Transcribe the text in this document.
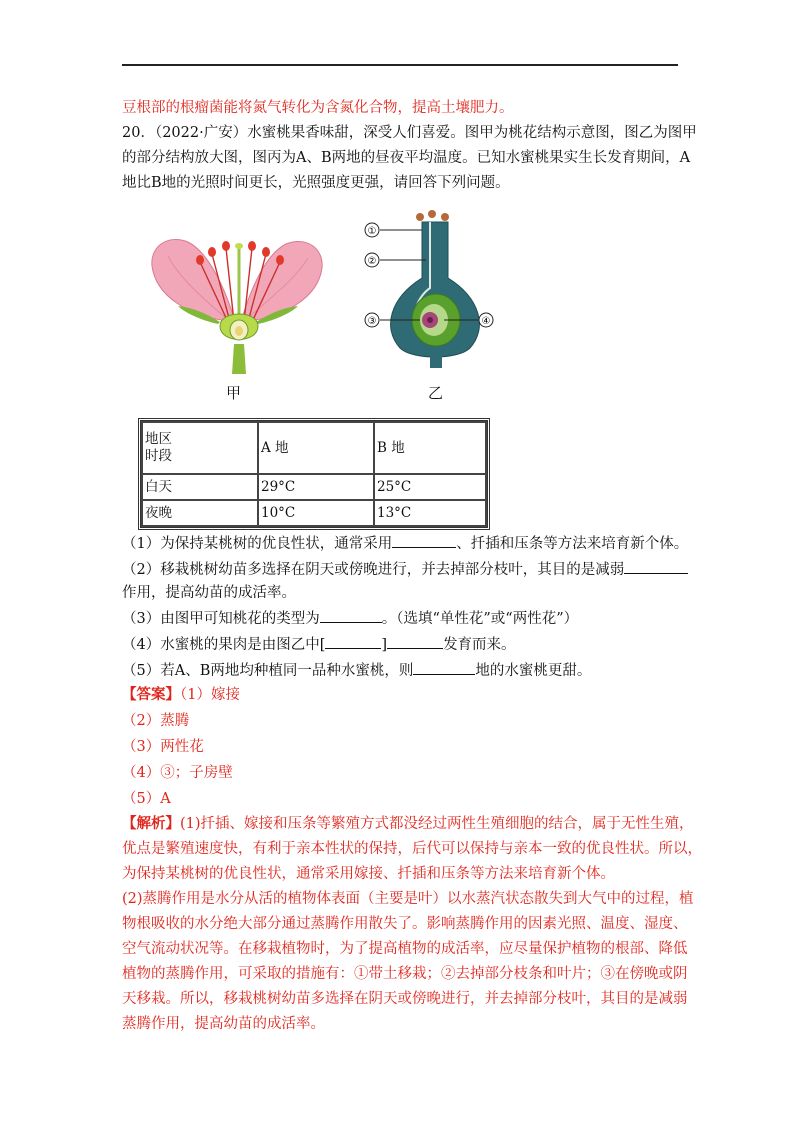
豆根部的根瘤菌能将氮气转化为含氮化合物，提高土壤肥力。
20．（2022·广安）水蜜桃果香味甜，深受人们喜爱。图甲为桃花结构示意图，图乙为图甲
的部分结构放大图，图丙为A、B两地的昼夜平均温度。已知水蜜桃果实生长发育期间，A
地比B地的光照时间更长，光照强度更强，请回答下列问题。
甲
①
②
③	④
乙
地区
时段	A 地	B 地
白天	29°C	25°C
夜晚	10°C	13°C
（1）为保持某桃树的优良性状，通常采用	、扦插和压条等方法来培育新个体。
（2）移栽桃树幼苗多选择在阴天或傍晚进行，并去掉部分枝叶，其目的是减弱
作用，提高幼苗的成活率。
（3）由图甲可知桃花的类型为	。（选填“单性花”或“两性花”）
（4）水蜜桃的果肉是由图乙中[	]	发育而来。
（5）若A、B两地均种植同一品种水蜜桃，则	地的水蜜桃更甜。
【答案】（1）嫁接
（2）蒸腾
（3）两性花
（4）③；子房壁
（5）A
【解析】(1)扦插、嫁接和压条等繁殖方式都没经过两性生殖细胞的结合，属于无性生殖，
优点是繁殖速度快，有利于亲本性状的保持，后代可以保持与亲本一致的优良性状。所以，
为保持某桃树的优良性状，通常采用嫁接、扦插和压条等方法来培育新个体。
(2)蒸腾作用是水分从活的植物体表面（主要是叶）以水蒸汽状态散失到大气中的过程，植
物根吸收的水分绝大部分通过蒸腾作用散失了。影响蒸腾作用的因素光照、温度、湿度、
空气流动状况等。在移栽植物时，为了提高植物的成活率，应尽量保护植物的根部、降低
植物的蒸腾作用，可采取的措施有：①带土移栽；②去掉部分枝条和叶片；③在傍晚或阴
天移栽。所以，移栽桃树幼苗多选择在阴天或傍晚进行，并去掉部分枝叶，其目的是减弱
蒸腾作用，提高幼苗的成活率。
